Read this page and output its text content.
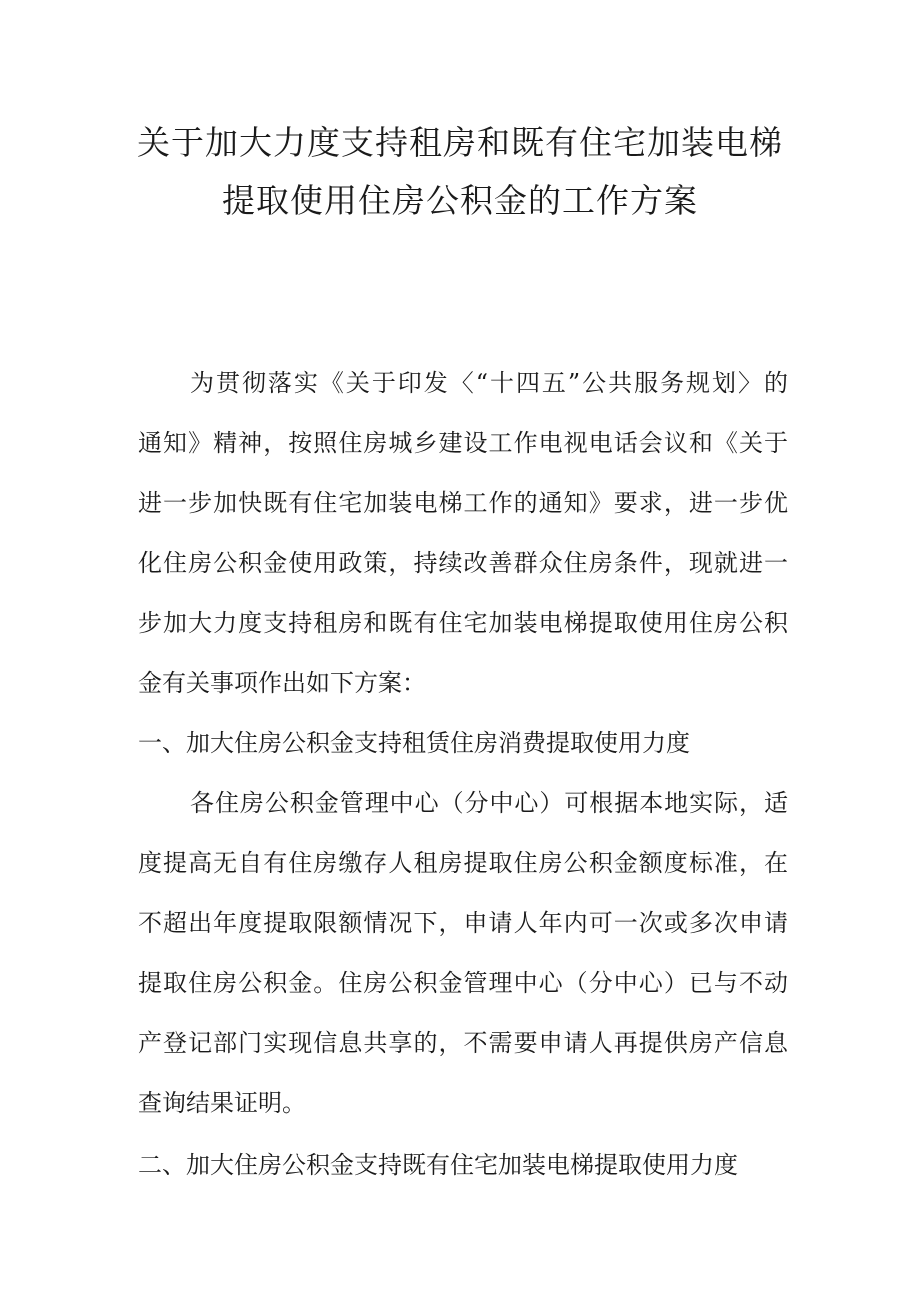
关于加大力度支持租房和既有住宅加装电梯
提取使用住房公积金的工作方案
为贯彻落实《关于印发〈“十四五”公共服务规划〉的
通知》精神，按照住房城乡建设工作电视电话会议和《关于
进一步加快既有住宅加装电梯工作的通知》要求，进一步优
化住房公积金使用政策，持续改善群众住房条件，现就进一
步加大力度支持租房和既有住宅加装电梯提取使用住房公积
金有关事项作出如下方案：
一、加大住房公积金支持租赁住房消费提取使用力度
各住房公积金管理中心（分中心）可根据本地实际，适
度提高无自有住房缴存人租房提取住房公积金额度标准，在
不超出年度提取限额情况下，申请人年内可一次或多次申请
提取住房公积金。住房公积金管理中心（分中心）已与不动
产登记部门实现信息共享的，不需要申请人再提供房产信息
查询结果证明。
二、加大住房公积金支持既有住宅加装电梯提取使用力度
